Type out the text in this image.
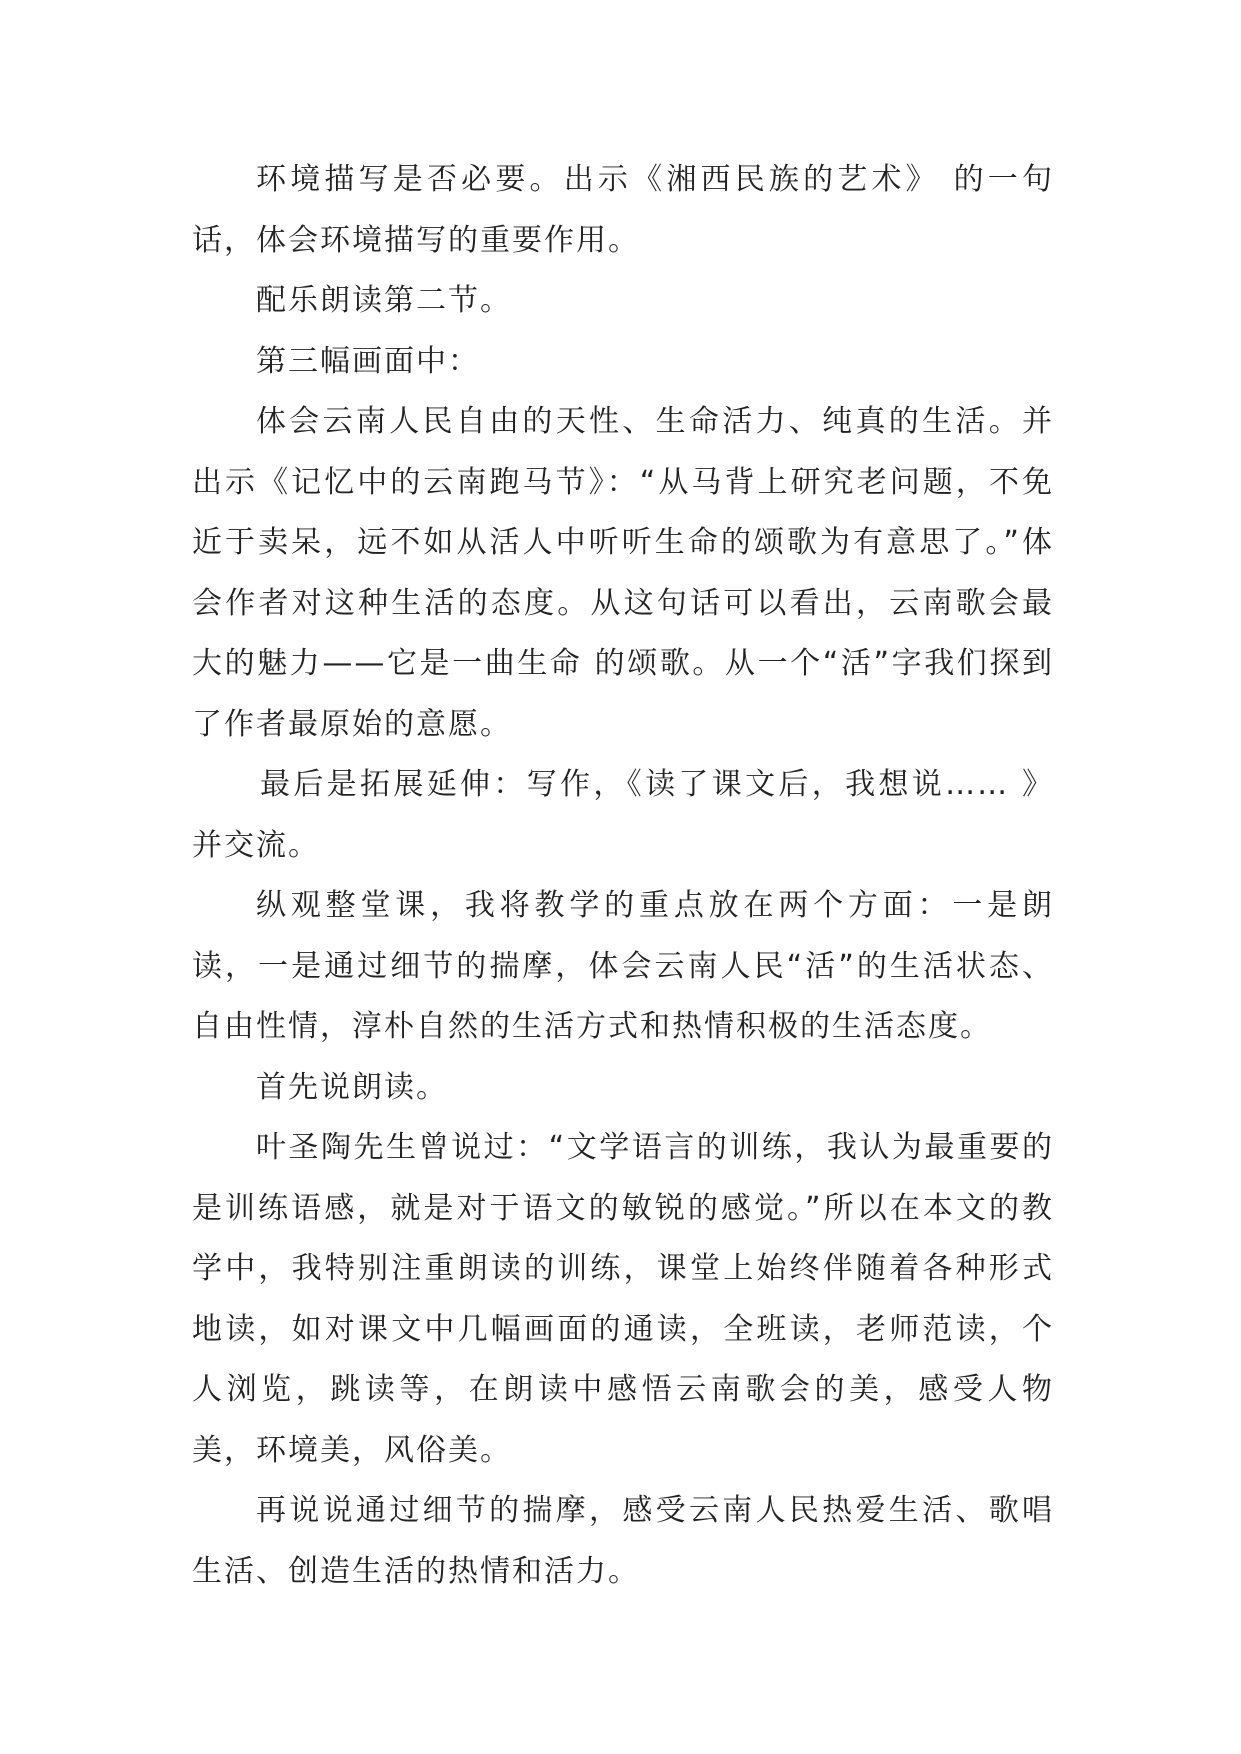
环境描写是否必要。出示《湘西民族的艺术》 的一句话，体会环境描写的重要作用。

配乐朗读第二节。

第三幅画面中：

体会云南人民自由的天性、生命活力、纯真的生活。并出示《记忆中的云南跑马节》：“从马背上研究老问题，不免近于卖呆，远不如从活人中听听生命的颂歌为有意思了。”体会作者对这种生活的态度。从这句话可以看出，云南歌会最大的魅力——它是一曲生命 的颂歌。从一个“活”字我们探到了作者最原始的意愿。

最后是拓展延伸：写作，《读了课文后，我想说…… 》并交流。

纵观整堂课，我将教学的重点放在两个方面：一是朗读，一是通过细节的揣摩，体会云南人民“活”的生活状态、自由性情，淳朴自然的生活方式和热情积极的生活态度。

首先说朗读。

叶圣陶先生曾说过：“文学语言的训练，我认为最重要的是训练语感，就是对于语文的敏锐的感觉。”所以在本文的教学中，我特别注重朗读的训练，课堂上始终伴随着各种形式地读，如对课文中几幅画面的通读，全班读，老师范读，个人浏览，跳读等，在朗读中感悟云南歌会的美，感受人物美，环境美，风俗美。

再说说通过细节的揣摩，感受云南人民热爱生活、歌唱生活、创造生活的热情和活力。
